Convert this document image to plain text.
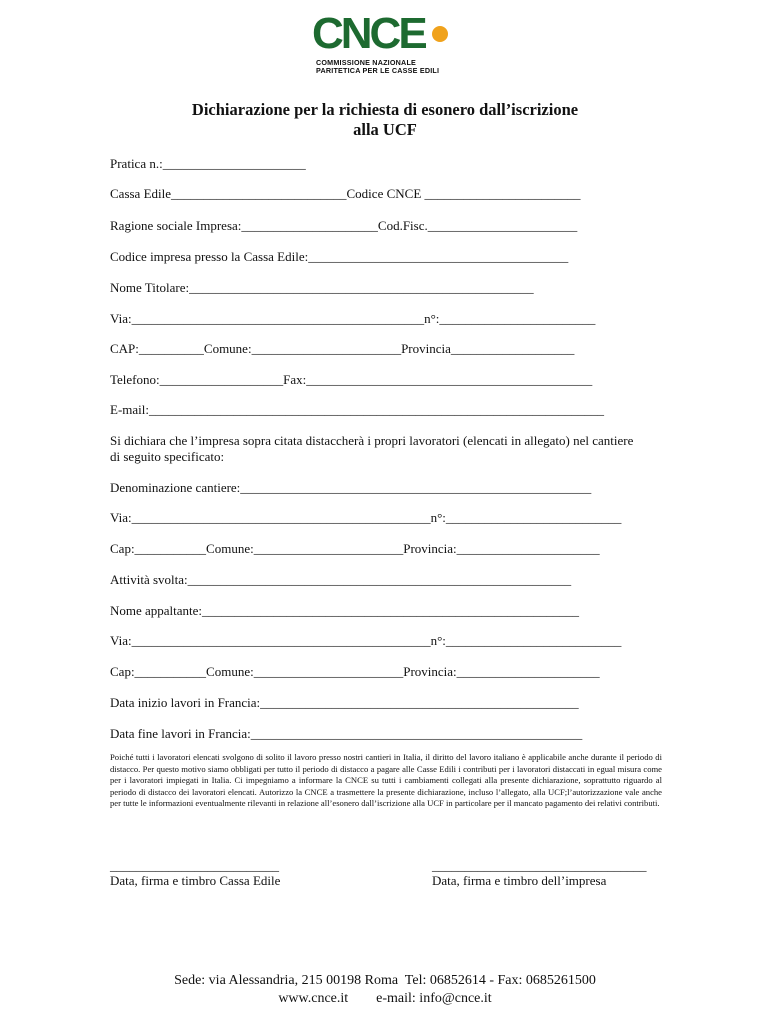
CNCE
COMMISSIONE NAZIONALE
PARITETICA PER LE CASSE EDILI
Dichiarazione per la richiesta di esonero dall’iscrizione
alla UCF
Pratica n.:______________________
Cassa Edile___________________________Codice CNCE ________________________
Ragione sociale Impresa:_____________________Cod.Fisc._______________________
Codice impresa presso la Cassa Edile:________________________________________
Nome Titolare:_____________________________________________________
Via:_____________________________________________n°:________________________
CAP:__________Comune:_______________________Provincia___________________
Telefono:___________________Fax:____________________________________________
E-mail:______________________________________________________________________
Si dichiara che l’impresa sopra citata distaccherà i propri lavoratori (elencati in allegato) nel cantiere di seguito specificato:
Denominazione cantiere:______________________________________________________
Via:______________________________________________n°:___________________________
Cap:___________Comune:_______________________Provincia:______________________
Attività svolta:___________________________________________________________
Nome appaltante:__________________________________________________________
Via:______________________________________________n°:___________________________
Cap:___________Comune:_______________________Provincia:______________________
Data inizio lavori in Francia:_________________________________________________
Data fine lavori in Francia:___________________________________________________
Poiché tutti i lavoratori elencati svolgono di solito il lavoro presso nostri cantieri in Italia, il diritto del lavoro italiano è applicabile anche durante il periodo di distacco. Per questo motivo siamo obbligati per tutto il periodo di distacco a pagare alle Casse Edili i contributi per i lavoratori distaccati in egual misura come per i lavoratori impiegati in Italia. Ci impegniamo a informare la CNCE su tutti i cambiamenti collegati alla presente dichiarazione, soprattutto riguardo al periodo di distacco dei lavoratori elencati. Autorizzo la CNCE a trasmettere la presente dichiarazione, incluso l’allegato, alla UCF;l’autorizzazione vale anche per tutte le informazioni eventualmente rilevanti in relazione all’esonero dall’iscrizione alla UCF in particolare per il mancato pagamento dei relativi contributi.
__________________________
Data, firma e timbro Cassa Edile
_________________________________
Data, firma e timbro dell’impresa
Sede: via Alessandria, 215 00198 Roma  Tel: 06852614 - Fax: 0685261500
www.cnce.it        e-mail: info@cnce.it
